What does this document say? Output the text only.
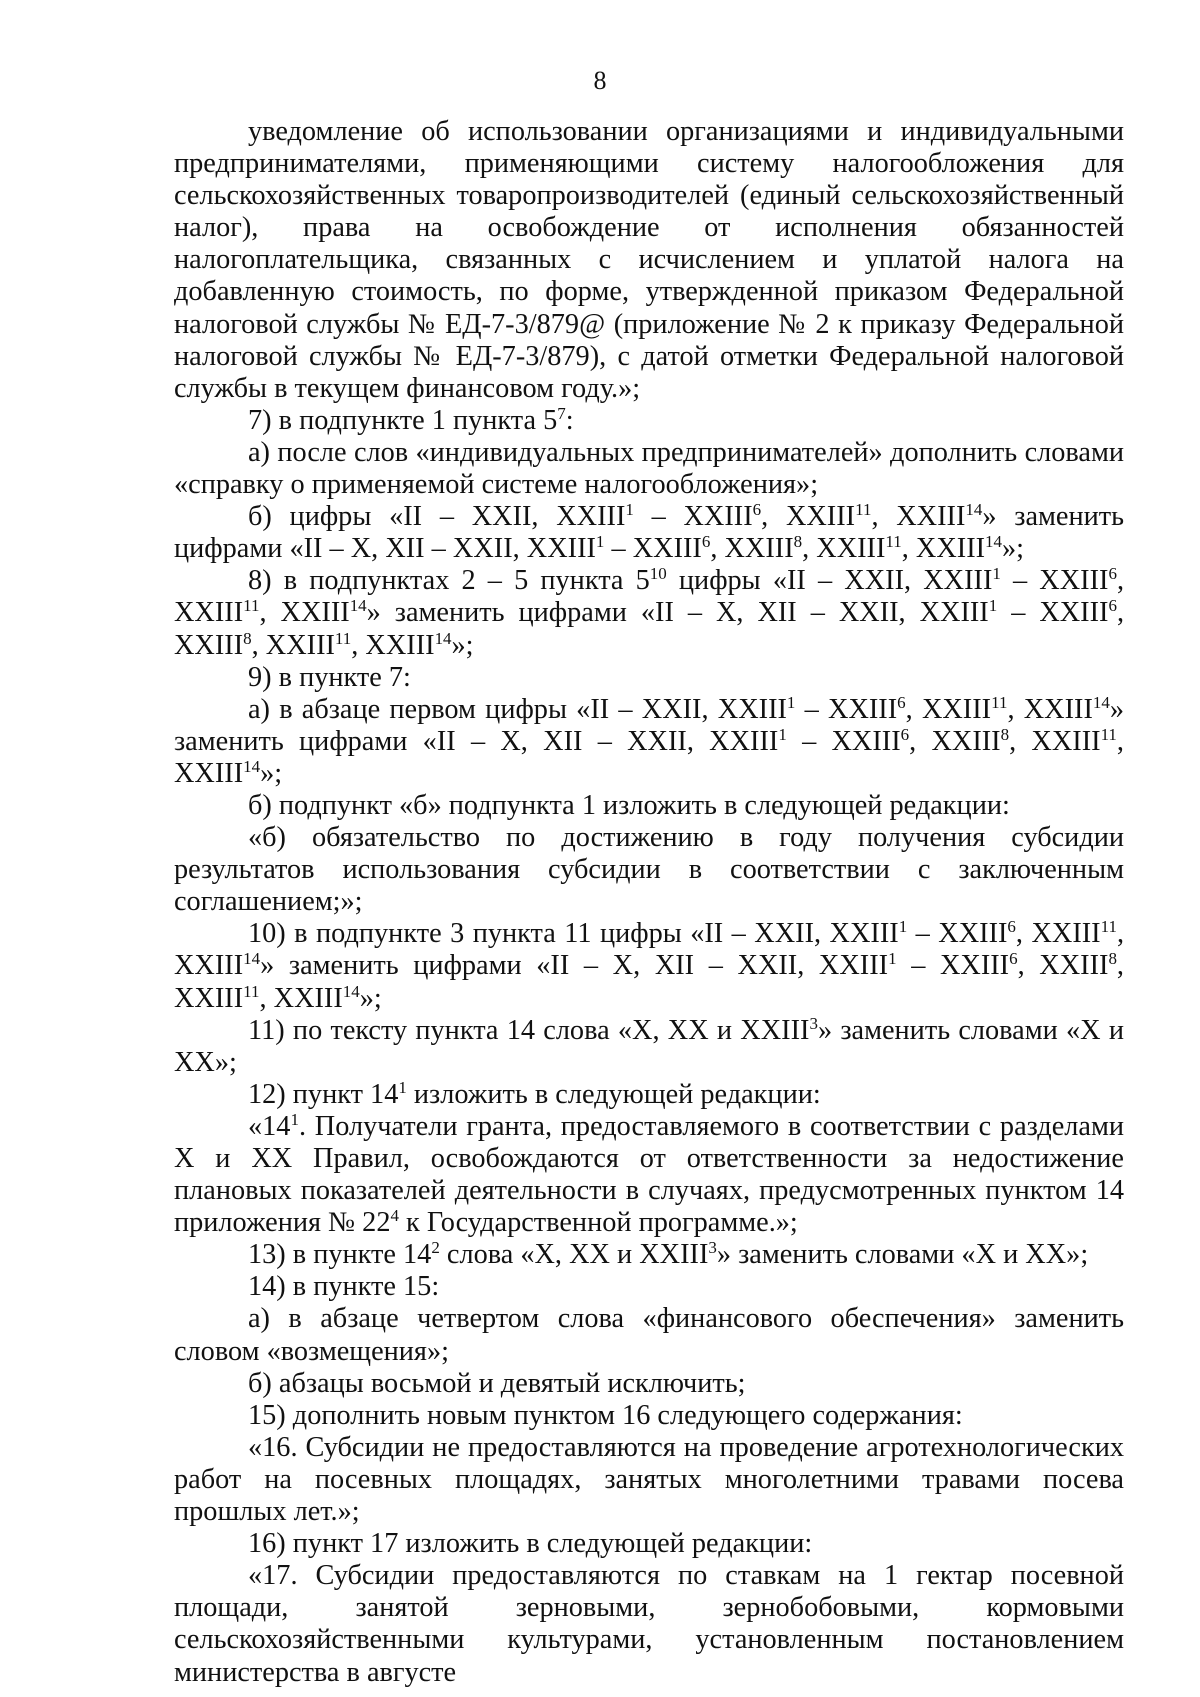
8

уведомление об использовании организациями и индивидуальными предпринимателями, применяющими систему налогообложения для сельскохозяйственных товаропроизводителей (единый сельскохозяйственный налог), права на освобождение от исполнения обязанностей налогоплательщика, связанных с исчислением и уплатой налога на добавленную стоимость, по форме, утвержденной приказом Федеральной налоговой службы № ЕД-7-3/879@ (приложение № 2 к приказу Федеральной налоговой службы № ЕД-7-3/879), с датой отметки Федеральной налоговой службы в текущем финансовом году.»;

7) в подпункте 1 пункта $5^7$:

а) после слов «индивидуальных предпринимателей» дополнить словами «справку о применяемой системе налогообложения»;

б) цифры «II – XXII, XXIII$^1$ – XXIII$^6$, XXIII$^{11}$, XXIII$^{14}$» заменить цифрами «II – X, XII – XXII, XXIII$^1$ – XXIII$^6$, XXIII$^8$, XXIII$^{11}$, XXIII$^{14}$»;

8) в подпунктах 2 – 5 пункта $5^{10}$ цифры «II – XXII, XXIII$^1$ – XXIII$^6$, XXIII$^{11}$, XXIII$^{14}$» заменить цифрами «II – X, XII – XXII, XXIII$^1$ – XXIII$^6$, XXIII$^8$, XXIII$^{11}$, XXIII$^{14}$»;

9) в пункте 7:

а) в абзаце первом цифры «II – XXII, XXIII$^1$ – XXIII$^6$, XXIII$^{11}$, XXIII$^{14}$» заменить цифрами «II – X, XII – XXII, XXIII$^1$ – XXIII$^6$, XXIII$^8$, XXIII$^{11}$, XXIII$^{14}$»;

б) подпункт «б» подпункта 1 изложить в следующей редакции:

«б) обязательство по достижению в году получения субсидии результатов использования субсидии в соответствии с заключенным соглашением;»;

10) в подпункте 3 пункта 11 цифры «II – XXII, XXIII$^1$ – XXIII$^6$, XXIII$^{11}$, XXIII$^{14}$» заменить цифрами «II – X, XII – XXII, XXIII$^1$ – XXIII$^6$, XXIII$^8$, XXIII$^{11}$, XXIII$^{14}$»;

11) по тексту пункта 14 слова «X, XX и XXIII$^3$» заменить словами «X и XX»;

12) пункт $14^1$ изложить в следующей редакции:

«$14^1$. Получатели гранта, предоставляемого в соответствии с разделами X и XX Правил, освобождаются от ответственности за недостижение плановых показателей деятельности в случаях, предусмотренных пунктом 14 приложения № $22^4$ к Государственной программе.»;

13) в пункте $14^2$ слова «X, XX и XXIII$^3$» заменить словами «X и XX»;

14) в пункте 15:

а) в абзаце четвертом слова «финансового обеспечения» заменить словом «возмещения»;

б) абзацы восьмой и девятый исключить;

15) дополнить новым пунктом 16 следующего содержания:

«16. Субсидии не предоставляются на проведение агротехнологических работ на посевных площадях, занятых многолетними травами посева прошлых лет.»;

16) пункт 17 изложить в следующей редакции:

«17. Субсидии предоставляются по ставкам на 1 гектар посевной площади, занятой зерновыми, зернобобовыми, кормовыми сельскохозяйственными культурами, установленным постановлением министерства в августе
